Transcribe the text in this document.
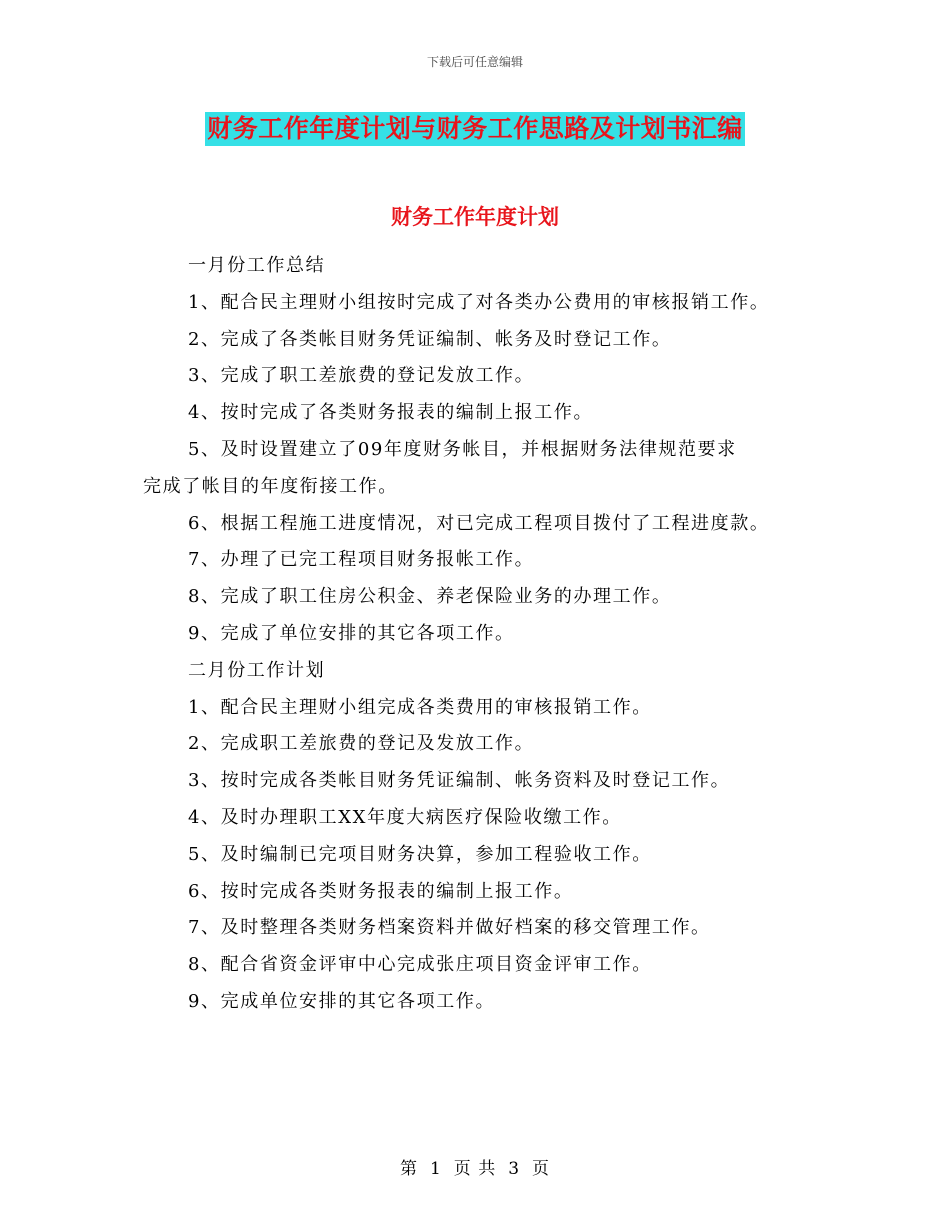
下载后可任意编辑
财务工作年度计划与财务工作思路及计划书汇编
财务工作年度计划
一月份工作总结
1、配合民主理财小组按时完成了对各类办公费用的审核报销工作。
2、完成了各类帐目财务凭证编制、帐务及时登记工作。
3、完成了职工差旅费的登记发放工作。
4、按时完成了各类财务报表的编制上报工作。
5、及时设置建立了09年度财务帐目，并根据财务法律规范要求
完成了帐目的年度衔接工作。
6、根据工程施工进度情况，对已完成工程项目拨付了工程进度款。
7、办理了已完工程项目财务报帐工作。
8、完成了职工住房公积金、养老保险业务的办理工作。
9、完成了单位安排的其它各项工作。
二月份工作计划
1、配合民主理财小组完成各类费用的审核报销工作。
2、完成职工差旅费的登记及发放工作。
3、按时完成各类帐目财务凭证编制、帐务资料及时登记工作。
4、及时办理职工XX年度大病医疗保险收缴工作。
5、及时编制已完项目财务决算，参加工程验收工作。
6、按时完成各类财务报表的编制上报工作。
7、及时整理各类财务档案资料并做好档案的移交管理工作。
8、配合省资金评审中心完成张庄项目资金评审工作。
9、完成单位安排的其它各项工作。
第 1 页 共 3 页
